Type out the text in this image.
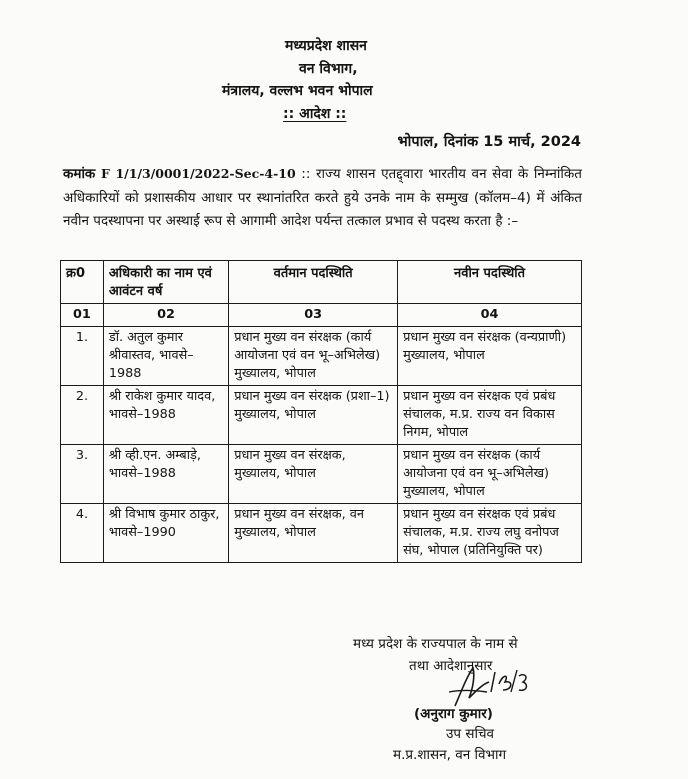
मध्यप्रदेश शासन
वन विभाग,
मंत्रालय, वल्लभ भवन भोपाल
:: आदेश ::
भोपाल, दिनांक 15 मार्च, 2024
कमांक F 1/1/3/0001/2022-Sec-4-10 :: राज्य शासन एतद्द्वारा भारतीय वन सेवा के निम्नांकित अधिकारियों को प्रशासकीय आधार पर स्थानांतरित करते हुये उनके नाम के सम्मुख (कॉलम–4) में अंकित नवीन पदस्थापना पर अस्थाई रूप से आगामी आदेश पर्यन्त तत्काल प्रभाव से पदस्थ करता है :–
क्र0	अधिकारी का नाम एवं आवंटन वर्ष	वर्तमान पदस्थिति	नवीन पदस्थिति
01	02	03	04
1.	डॉ. अतुल कुमार श्रीवास्तव, भावसे–1988	प्रधान मुख्य वन संरक्षक (कार्य आयोजना एवं वन भू–अभिलेख) मुख्यालय, भोपाल	प्रधान मुख्य वन संरक्षक (वन्यप्राणी) मुख्यालय, भोपाल
2.	श्री राकेश कुमार यादव, भावसे–1988	प्रधान मुख्य वन संरक्षक (प्रशा–1) मुख्यालय, भोपाल	प्रधान मुख्य वन संरक्षक एवं प्रबंध संचालक, म.प्र. राज्य वन विकास निगम, भोपाल
3.	श्री व्ही.एन. अम्बाड़े, भावसे–1988	प्रधान मुख्य वन संरक्षक, मुख्यालय, भोपाल	प्रधान मुख्य वन संरक्षक (कार्य आयोजना एवं वन भू–अभिलेख) मुख्यालय, भोपाल
4.	श्री विभाष कुमार ठाकुर, भावसे–1990	प्रधान मुख्य वन संरक्षक, वन मुख्यालय, भोपाल	प्रधान मुख्य वन संरक्षक एवं प्रबंध संचालक, म.प्र. राज्य लघु वनोपज संघ, भोपाल (प्रतिनियुक्ति पर)
मध्य प्रदेश के राज्यपाल के नाम से
तथा आदेशानुसार
(अनुराग कुमार)
उप सचिव
म.प्र.शासन, वन विभाग
